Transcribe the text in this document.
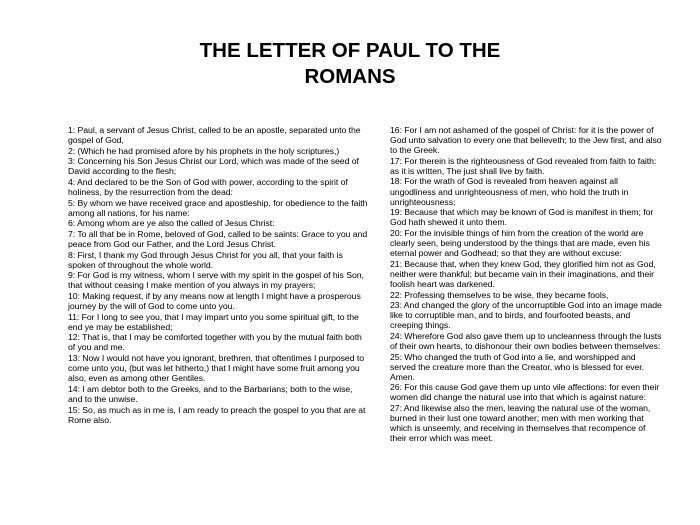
THE LETTER OF PAUL TO THE
ROMANS

1: Paul, a servant of Jesus Christ, called to be an apostle, separated unto the gospel of God,

2: (Which he had promised afore by his prophets in the holy scriptures,)

3: Concerning his Son Jesus Christ our Lord, which was made of the seed of David according to the flesh;

4: And declared to be the Son of God with power, according to the spirit of holiness, by the resurrection from the dead:

5: By whom we have received grace and apostleship, for obedience to the faith among all nations, for his name:

6: Among whom are ye also the called of Jesus Christ:

7: To all that be in Rome, beloved of God, called to be saints: Grace to you and peace from God our Father, and the Lord Jesus Christ.

8: First, I thank my God through Jesus Christ for you all, that your faith is spoken of throughout the whole world.

9: For God is my witness, whom I serve with my spirit in the gospel of his Son, that without ceasing I make mention of you always in my prayers;

10: Making request, if by any means now at length I might have a prosperous journey by the will of God to come unto you.

11: For I long to see you, that I may impart unto you some spiritual gift, to the end ye may be established;

12: That is, that I may be comforted together with you by the mutual faith both of you and me.

13: Now I would not have you ignorant, brethren, that oftentimes I purposed to come unto you, (but was let hitherto,) that I might have some fruit among you also, even as among other Gentiles.

14: I am debtor both to the Greeks, and to the Barbarians; both to the wise, and to the unwise.

15: So, as much as in me is, I am ready to preach the gospel to you that are at Rome also.

16: For I am not ashamed of the gospel of Christ: for it is the power of God unto salvation to every one that believeth; to the Jew first, and also to the Greek.

17: For therein is the righteousness of God revealed from faith to faith: as it is written, The just shall live by faith.

18: For the wrath of God is revealed from heaven against all ungodliness and unrighteousness of men, who hold the truth in unrighteousness;

19: Because that which may be known of God is manifest in them; for God hath shewed it unto them.

20: For the invisible things of him from the creation of the world are clearly seen, being understood by the things that are made, even his eternal power and Godhead; so that they are without excuse:

21: Because that, when they knew God, they glorified him not as God, neither were thankful; but became vain in their imaginations, and their foolish heart was darkened.

22: Professing themselves to be wise, they became fools,

23: And changed the glory of the uncorruptible God into an image made like to corruptible man, and to birds, and fourfooted beasts, and creeping things.

24: Wherefore God also gave them up to uncleanness through the lusts of their own hearts, to dishonour their own bodies between themselves:

25: Who changed the truth of God into a lie, and worshipped and served the creature more than the Creator, who is blessed for ever. Amen.

26: For this cause God gave them up unto vile affections: for even their women did change the natural use into that which is against nature:

27: And likewise also the men, leaving the natural use of the woman, burned in their lust one toward another; men with men working that which is unseemly, and receiving in themselves that recompence of their error which was meet.
